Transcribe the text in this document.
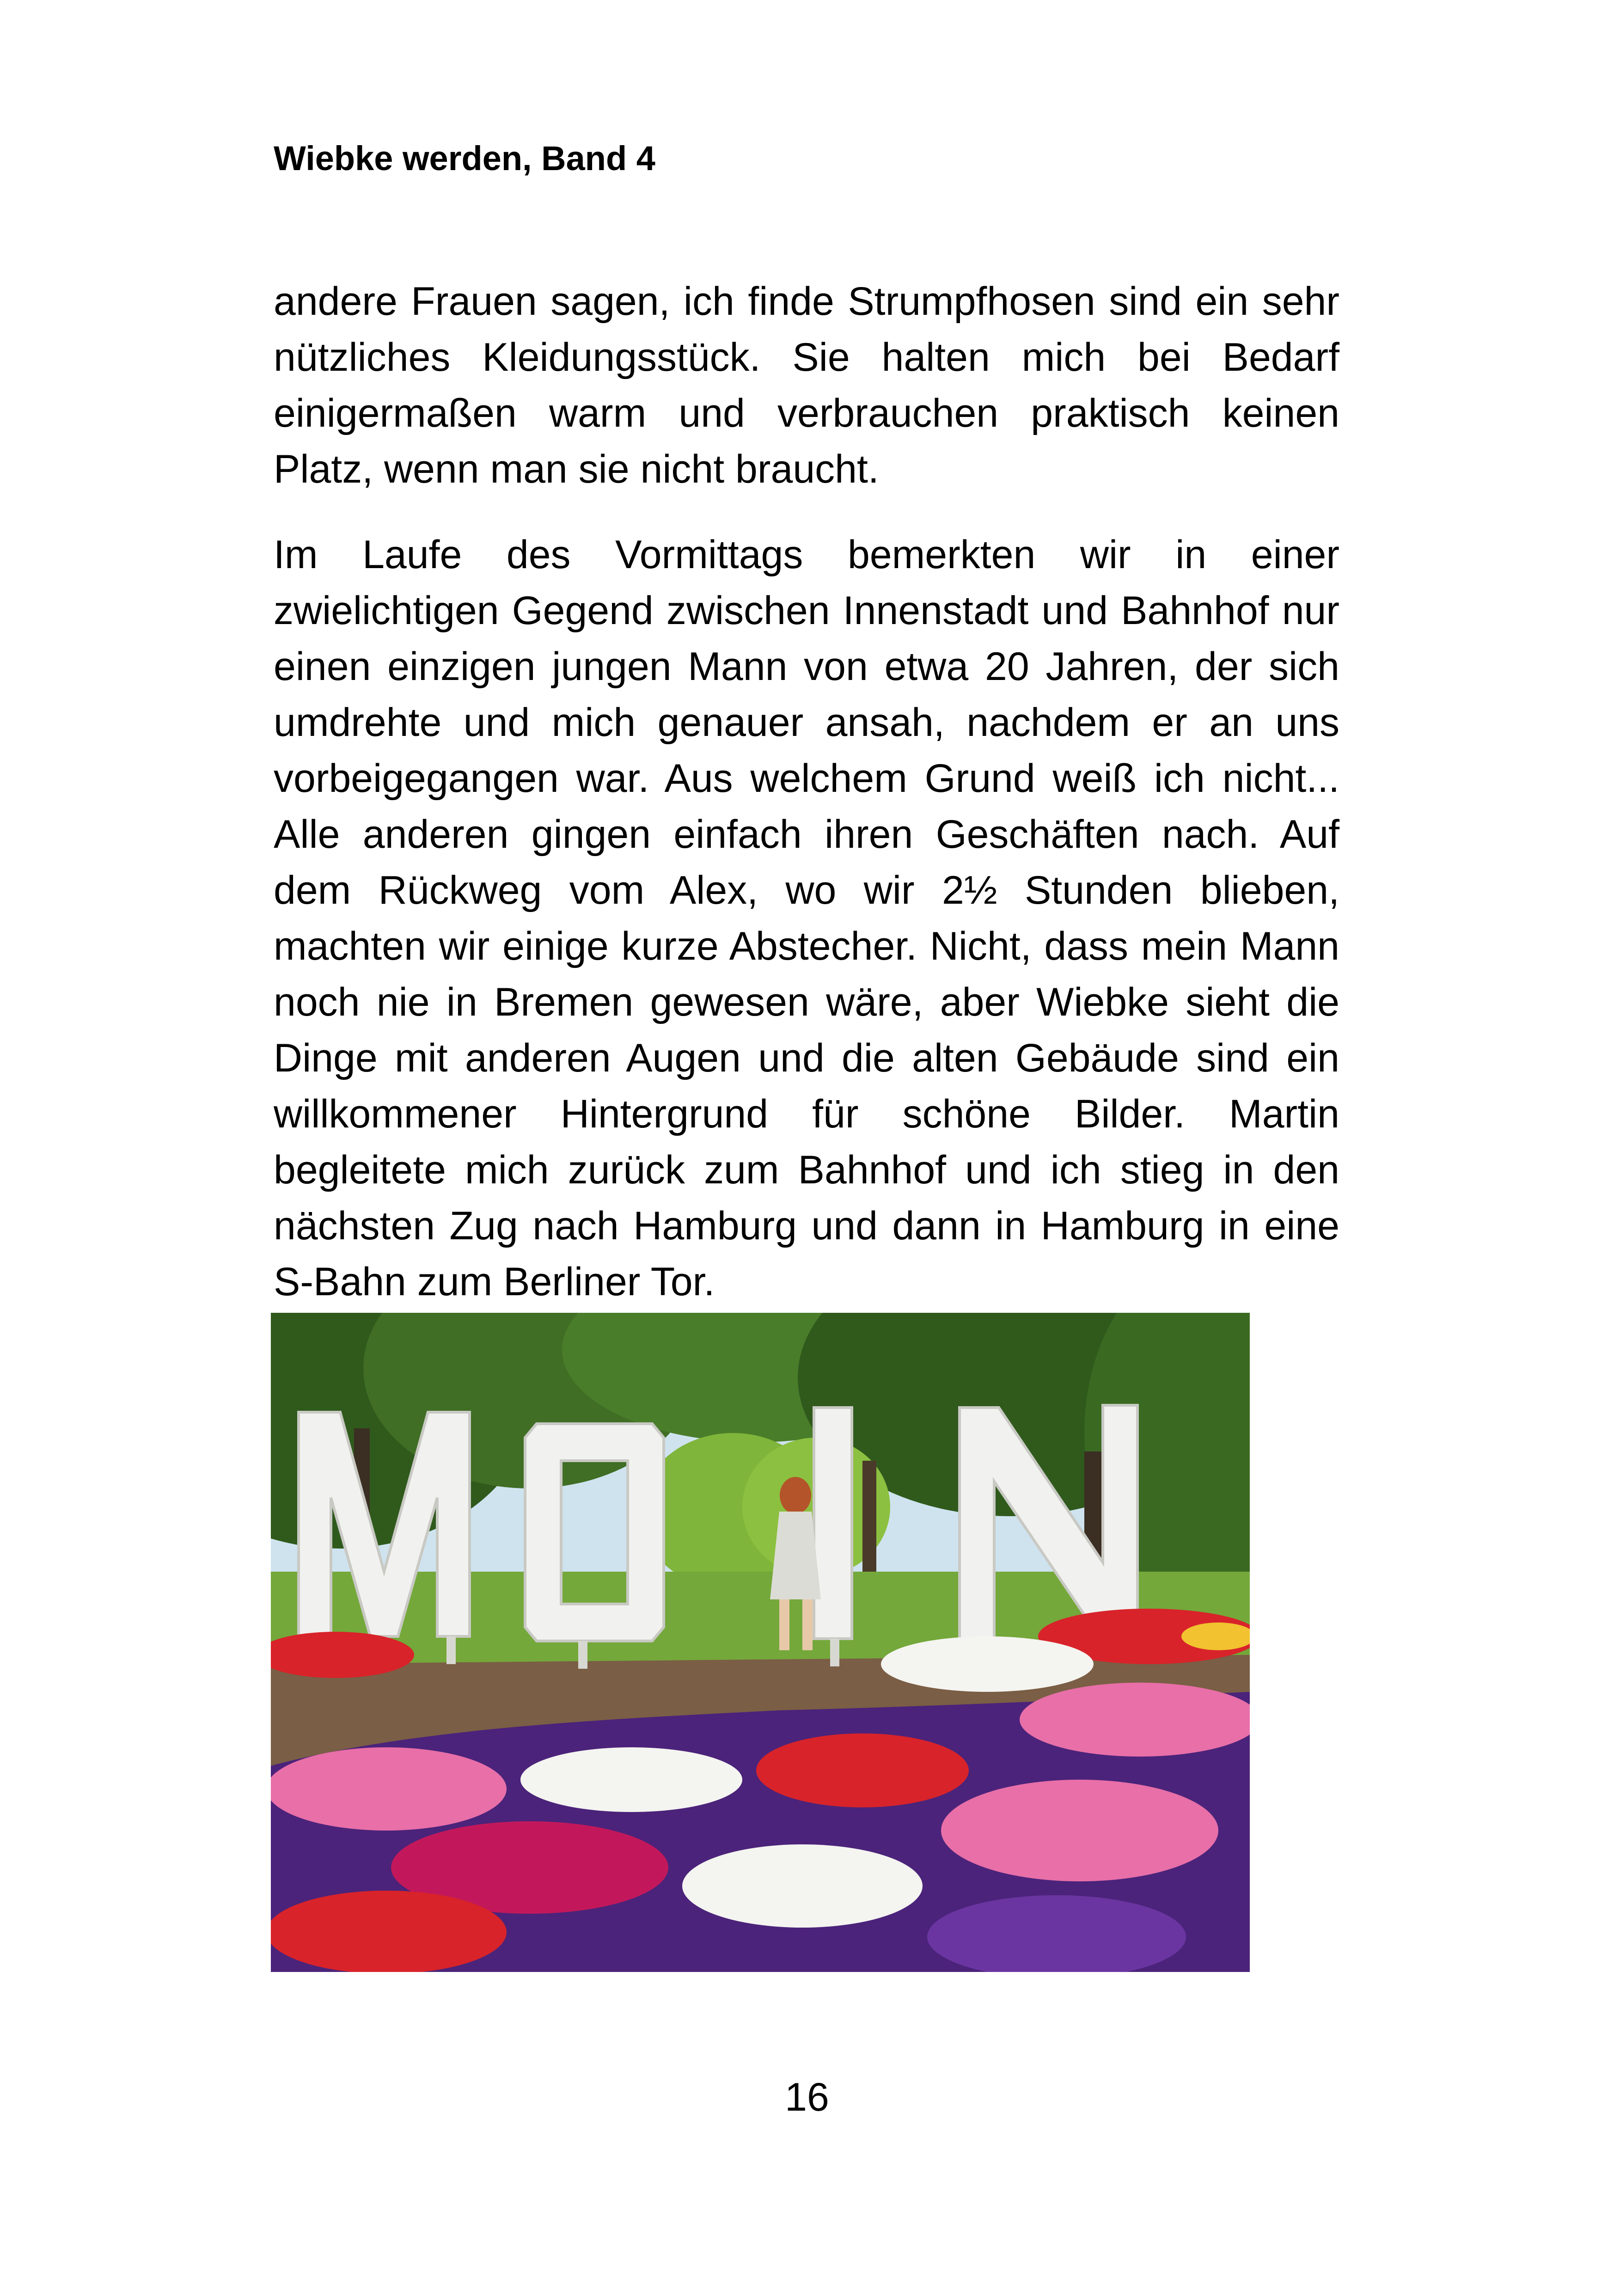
Wiebke werden, Band 4

andere Frauen sagen, ich finde Strumpfhosen sind ein sehr nützliches Kleidungsstück. Sie halten mich bei Bedarf einigermaßen warm und verbrauchen praktisch keinen Platz, wenn man sie nicht braucht.

Im Laufe des Vormittags bemerkten wir in einer zwielichtigen Gegend zwischen Innenstadt und Bahnhof nur einen einzigen jungen Mann von etwa 20 Jahren, der sich umdrehte und mich genauer ansah, nachdem er an uns vorbeigegangen war. Aus welchem Grund weiß ich nicht... Alle anderen gingen einfach ihren Geschäften nach. Auf dem Rückweg vom Alex, wo wir 2½ Stunden blieben, machten wir einige kurze Abstecher. Nicht, dass mein Mann noch nie in Bremen gewesen wäre, aber Wiebke sieht die Dinge mit anderen Augen und die alten Gebäude sind ein willkommener Hintergrund für schöne Bilder. Martin begleitete mich zurück zum Bahnhof und ich stieg in den nächsten Zug nach Hamburg und dann in Hamburg in eine S-Bahn zum Berliner Tor.

16
